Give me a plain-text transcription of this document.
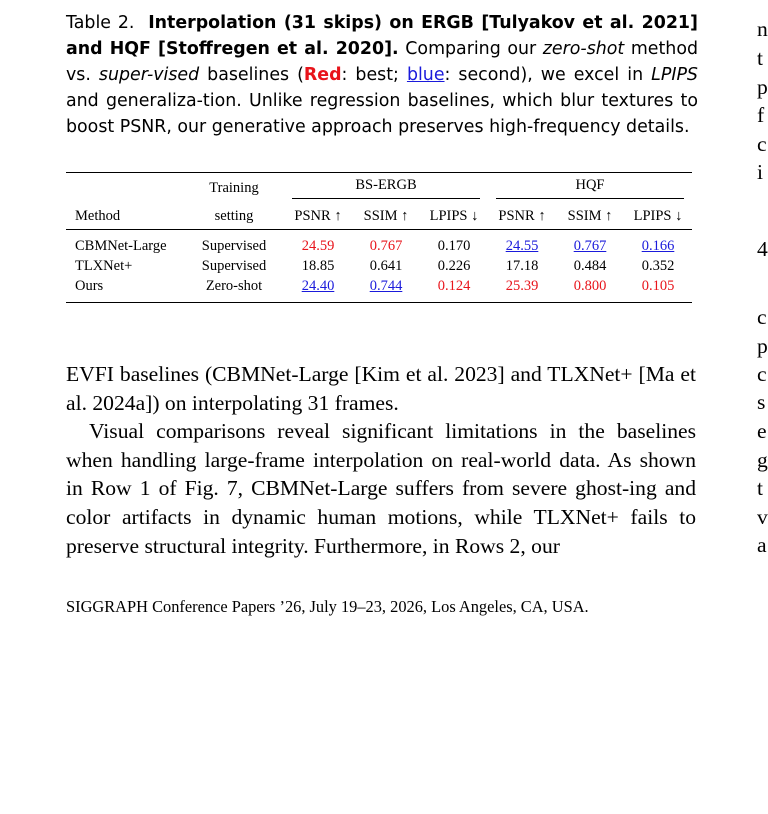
Table 2. Interpolation (31 skips) on ERGB [Tulyakov et al. 2021] and HQF [Stoffregen et al. 2020]. Comparing our zero-shot method vs. super-vised baselines (Red: best; blue: second), we excel in LPIPS and generaliza-tion. Unlike regression baselines, which blur textures to boost PSNR, our generative approach preserves high-frequency details.
	Training	BS-ERGB			HQF		
Method	setting	PSNR ↑	SSIM ↑	LPIPS ↓	PSNR ↑	SSIM ↑	LPIPS ↓
CBMNet-Large	Supervised	24.59	0.767	0.170	24.55	0.767	0.166
TLXNet+	Supervised	18.85	0.641	0.226	17.18	0.484	0.352
Ours	Zero-shot	24.40	0.744	0.124	25.39	0.800	0.105

EVFI baselines (CBMNet-Large [Kim et al. 2023] and TLXNet+ [Ma et al. 2024a]) on interpolating 31 frames.

Visual comparisons reveal significant limitations in the baselines when handling large-frame interpolation on real-world data. As shown in Row 1 of Fig. 7, CBMNet-Large suffers from severe ghost-ing and color artifacts in dynamic human motions, while TLXNet+ fails to preserve structural integrity. Furthermore, in Rows 2, our

SIGGRAPH Conference Papers ’26, July 19–23, 2026, Los Angeles, CA, USA.
n
t
p
f
c
i
4
c
p
c
s
e
g
t
v
a
